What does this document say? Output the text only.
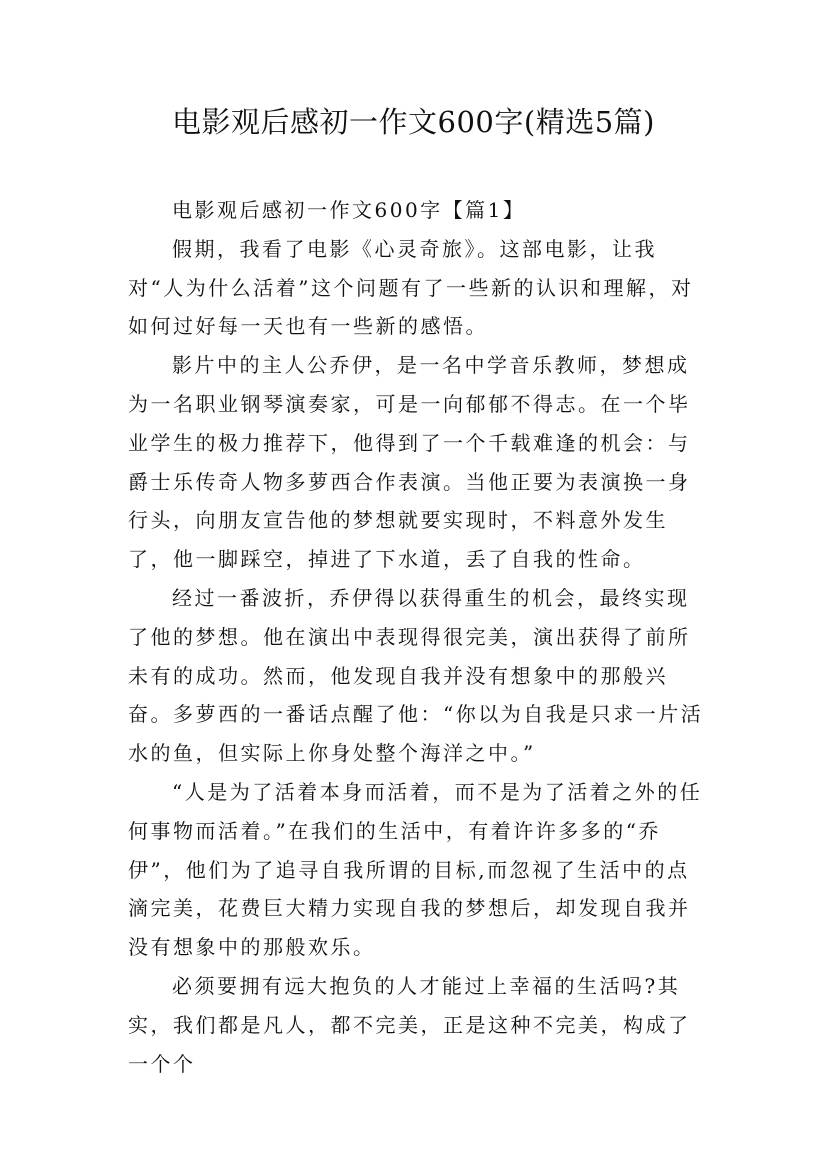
电影观后感初一作文600字(精选5篇)

电影观后感初一作文600字【篇1】

假期，我看了电影《心灵奇旅》。这部电影，让我对“人为什么活着”这个问题有了一些新的认识和理解，对如何过好每一天也有一些新的感悟。

影片中的主人公乔伊，是一名中学音乐教师，梦想成为一名职业钢琴演奏家，可是一向郁郁不得志。在一个毕业学生的极力推荐下，他得到了一个千载难逢的机会：与爵士乐传奇人物多萝西合作表演。当他正要为表演换一身行头，向朋友宣告他的梦想就要实现时，不料意外发生了，他一脚踩空，掉进了下水道，丢了自我的性命。

经过一番波折，乔伊得以获得重生的机会，最终实现了他的梦想。他在演出中表现得很完美，演出获得了前所未有的成功。然而，他发现自我并没有想象中的那般兴奋。多萝西的一番话点醒了他：“你以为自我是只求一片活水的鱼，但实际上你身处整个海洋之中。”

“人是为了活着本身而活着，而不是为了活着之外的任何事物而活着。”在我们的生活中，有着许许多多的“乔伊”，他们为了追寻自我所谓的目标,而忽视了生活中的点滴完美，花费巨大精力实现自我的梦想后，却发现自我并没有想象中的那般欢乐。

必须要拥有远大抱负的人才能过上幸福的生活吗?其实，我们都是凡人，都不完美，正是这种不完美，构成了一个个
